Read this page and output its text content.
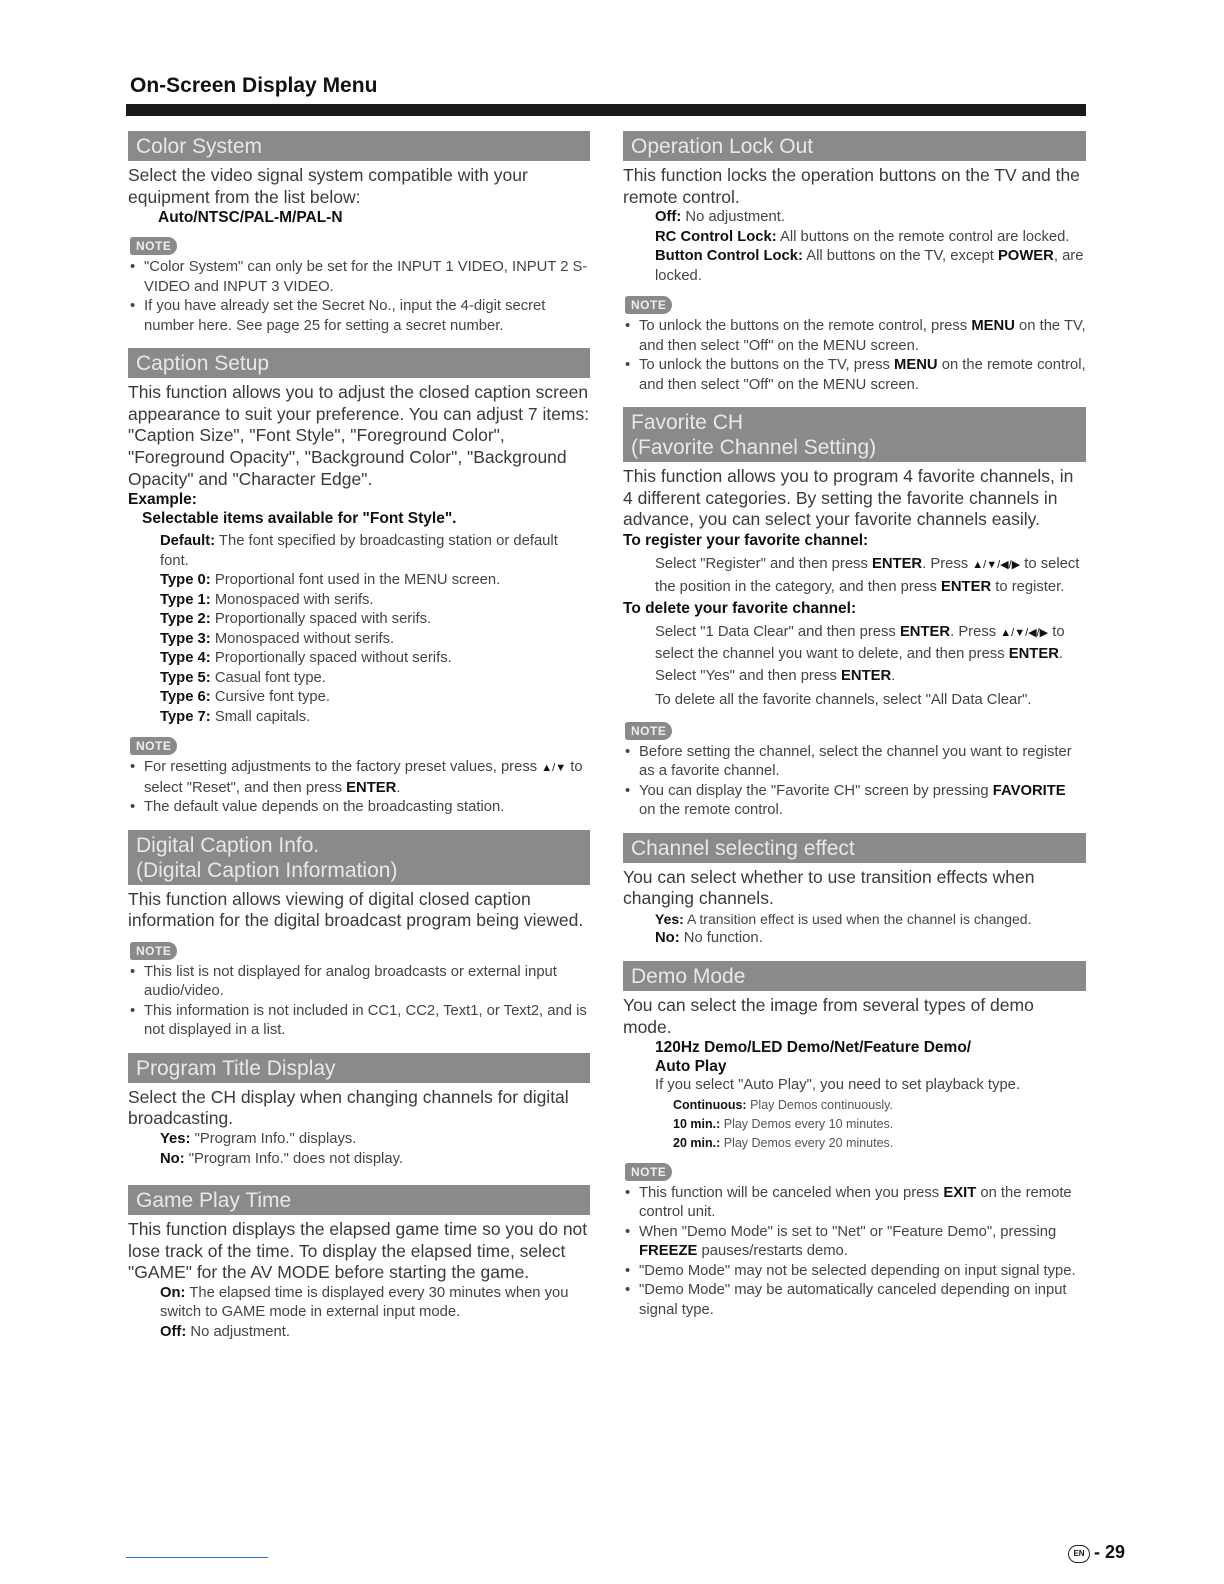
On-Screen Display Menu
Color System
Select the video signal system compatible with your equipment from the list below:
Auto/NTSC/PAL-M/PAL-N
NOTE
• "Color System" can only be set for the INPUT 1 VIDEO, INPUT 2 S-VIDEO and INPUT 3 VIDEO.
• If you have already set the Secret No., input the 4-digit secret number here. See page 25 for setting a secret number.
Caption Setup
This function allows you to adjust the closed caption screen appearance to suit your preference. You can adjust 7 items: "Caption Size", "Font Style", "Foreground Color", "Foreground Opacity", "Background Color", "Background Opacity" and "Character Edge".
Example:
Selectable items available for "Font Style".
Default: The font specified by broadcasting station or default font.
Type 0: Proportional font used in the MENU screen.
Type 1: Monospaced with serifs.
Type 2: Proportionally spaced with serifs.
Type 3: Monospaced without serifs.
Type 4: Proportionally spaced without serifs.
Type 5: Casual font type.
Type 6: Cursive font type.
Type 7: Small capitals.
NOTE
• For resetting adjustments to the factory preset values, press ▲/▼ to select "Reset", and then press ENTER.
• The default value depends on the broadcasting station.
Digital Caption Info.
(Digital Caption Information)
This function allows viewing of digital closed caption information for the digital broadcast program being viewed.
NOTE
• This list is not displayed for analog broadcasts or external input audio/video.
• This information is not included in CC1, CC2, Text1, or Text2, and is not displayed in a list.
Program Title Display
Select the CH display when changing channels for digital broadcasting.
Yes: "Program Info." displays.
No: "Program Info." does not display.
Game Play Time
This function displays the elapsed game time so you do not lose track of the time. To display the elapsed time, select "GAME" for the AV MODE before starting the game.
On: The elapsed time is displayed every 30 minutes when you switch to GAME mode in external input mode.
Off: No adjustment.
Operation Lock Out
This function locks the operation buttons on the TV and the remote control.
Off: No adjustment.
RC Control Lock: All buttons on the remote control are locked.
Button Control Lock: All buttons on the TV, except POWER, are locked.
NOTE
• To unlock the buttons on the remote control, press MENU on the TV, and then select "Off" on the MENU screen.
• To unlock the buttons on the TV, press MENU on the remote control, and then select "Off" on the MENU screen.
Favorite CH
(Favorite Channel Setting)
This function allows you to program 4 favorite channels, in 4 different categories. By setting the favorite channels in advance, you can select your favorite channels easily.
To register your favorite channel:
Select "Register" and then press ENTER. Press ▲/▼/◀/▶ to select the position in the category, and then press ENTER to register.
To delete your favorite channel:
Select "1 Data Clear" and then press ENTER. Press ▲/▼/◀/▶ to select the channel you want to delete, and then press ENTER. Select "Yes" and then press ENTER.
To delete all the favorite channels, select "All Data Clear".
NOTE
• Before setting the channel, select the channel you want to register as a favorite channel.
• You can display the "Favorite CH" screen by pressing FAVORITE on the remote control.
Channel selecting effect
You can select whether to use transition effects when changing channels.
Yes: A transition effect is used when the channel is changed.
No: No function.
Demo Mode
You can select the image from several types of demo mode.
120Hz Demo/LED Demo/Net/Feature Demo/
Auto Play
If you select "Auto Play", you need to set playback type.
Continuous: Play Demos continuously.
10 min.: Play Demos every 10 minutes.
20 min.: Play Demos every 20 minutes.
NOTE
• This function will be canceled when you press EXIT on the remote control unit.
• When "Demo Mode" is set to "Net" or "Feature Demo", pressing FREEZE pauses/restarts demo.
• "Demo Mode" may not be selected depending on input signal type.
• "Demo Mode" may be automatically canceled depending on input signal type.
EN - 29
